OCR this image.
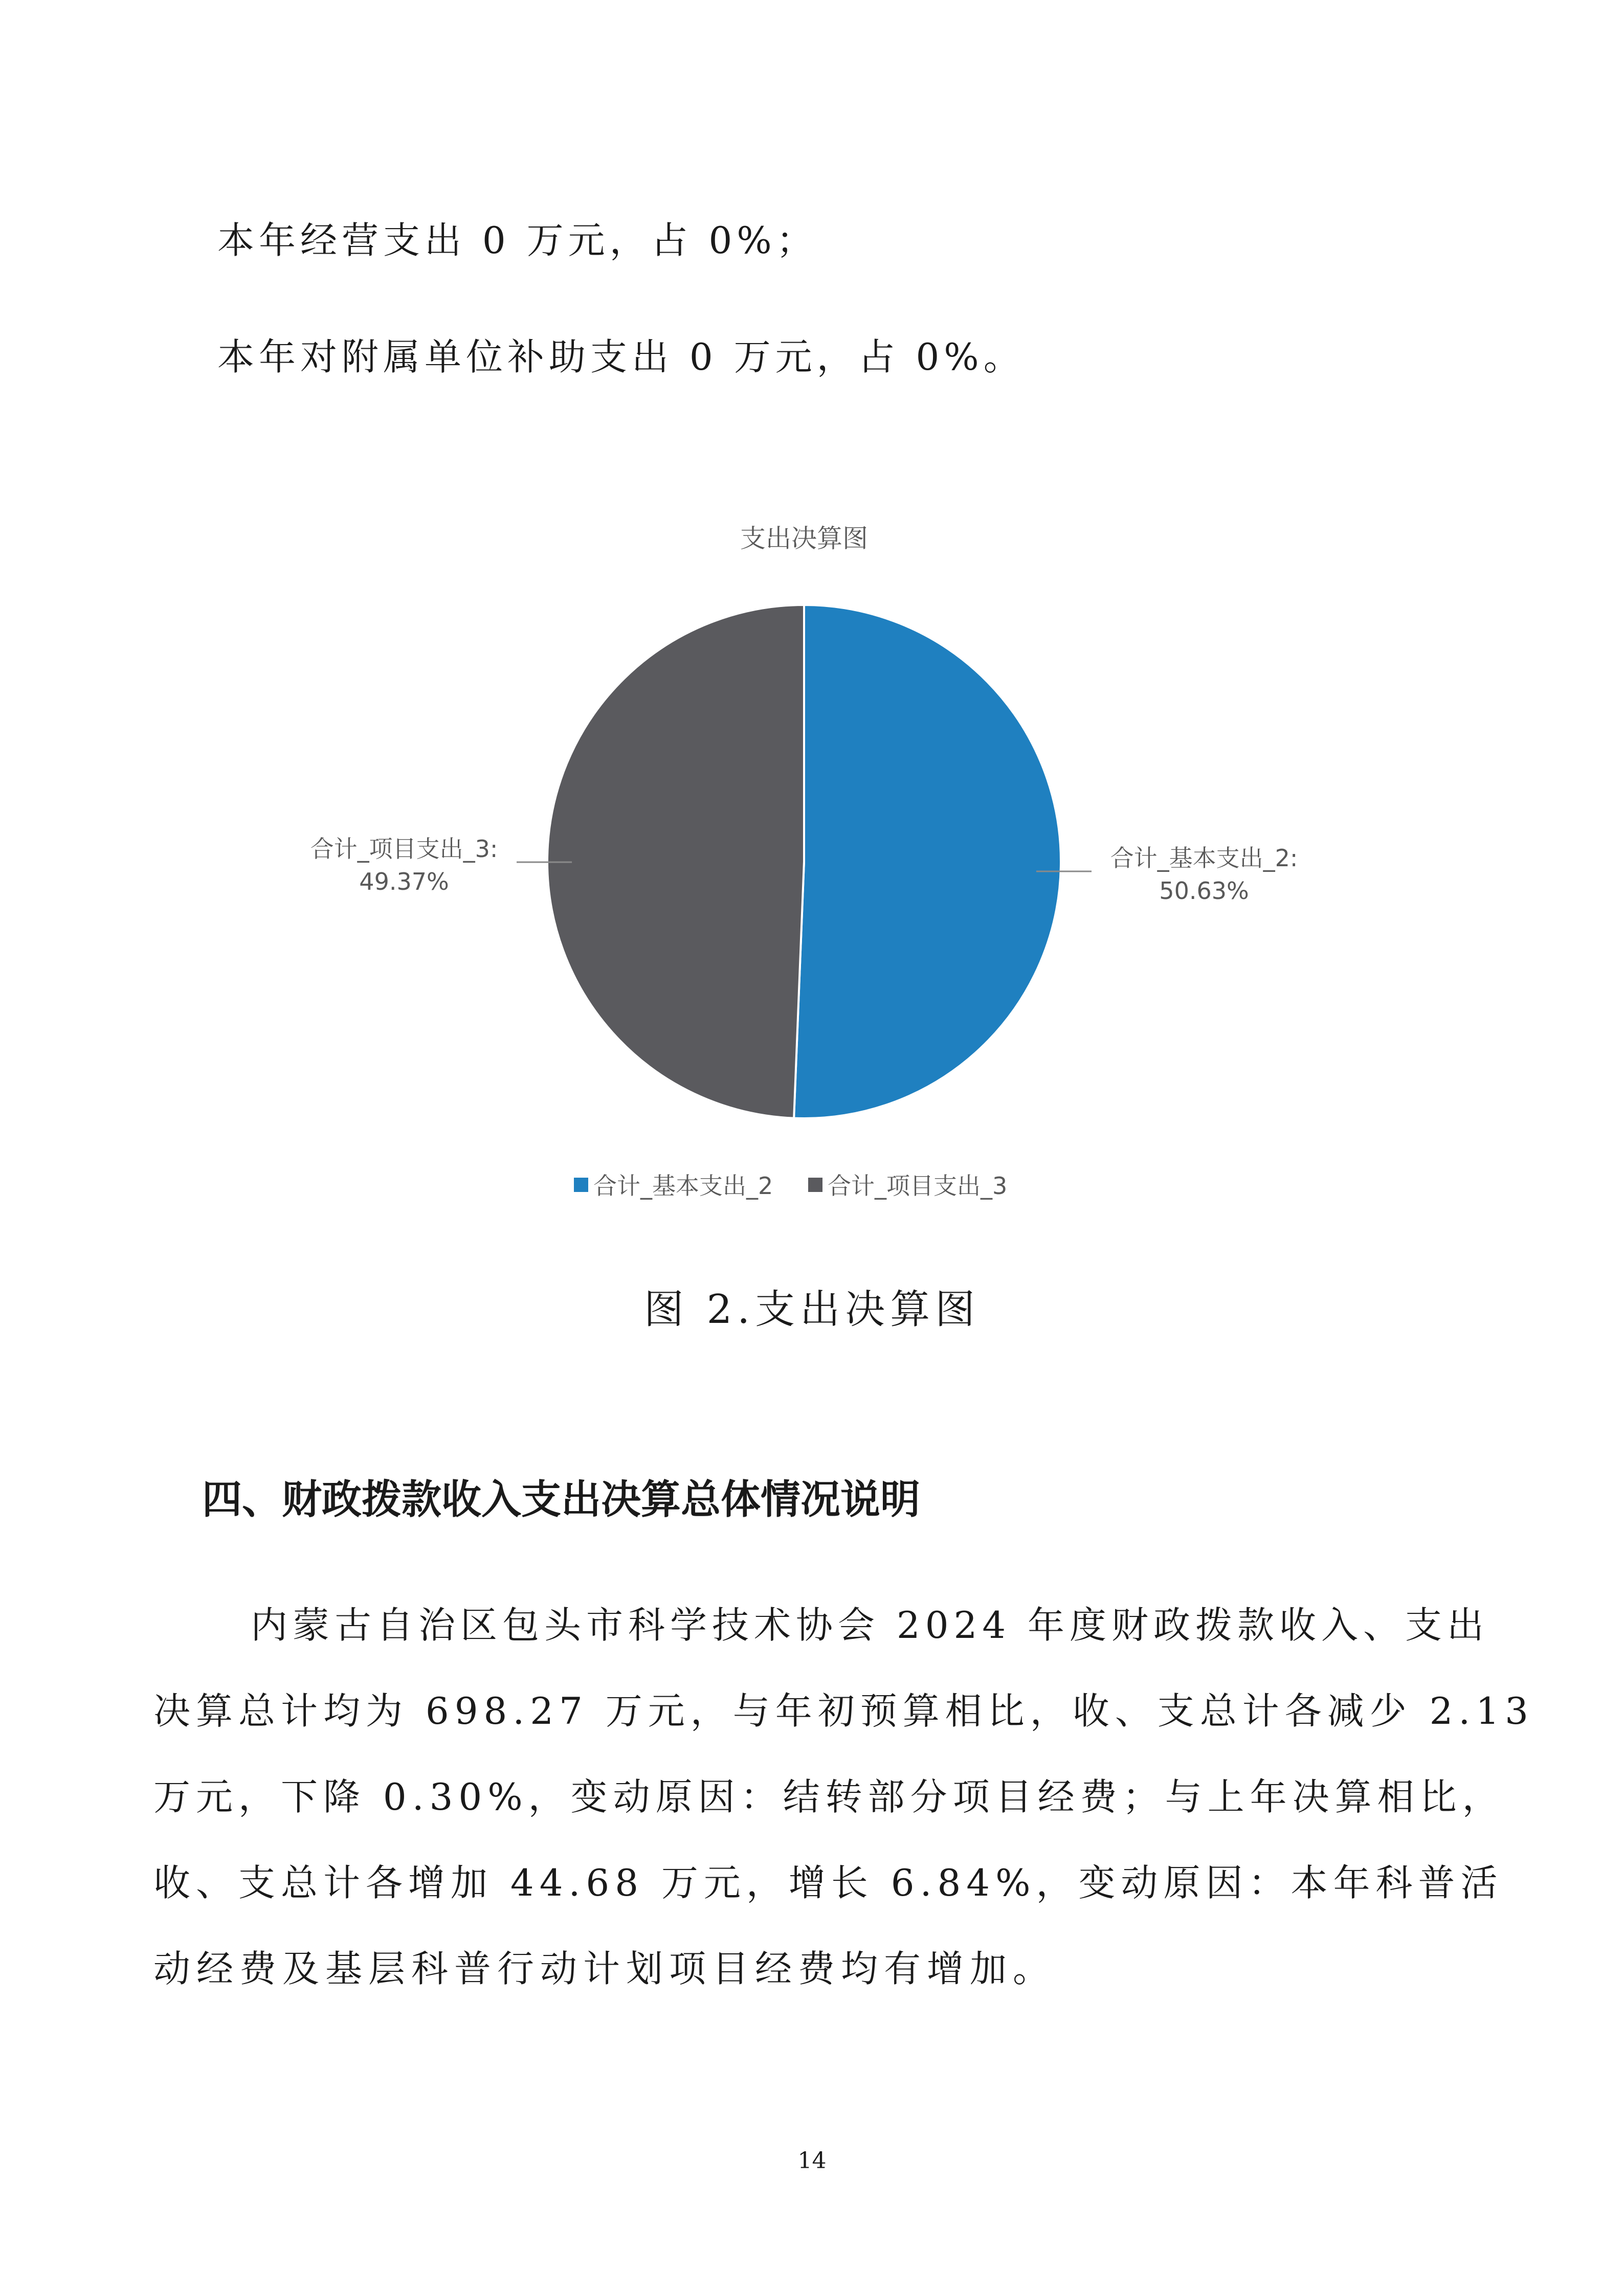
本年经营支出 0 万元，占 0%；
本年对附属单位补助支出 0 万元，占 0%。
支出决算图
合计_基本支出_2: 50.63%
合计_项目支出_3: 49.37%
合计_基本支出_2 合计_项目支出_3
图 2.支出决算图
四、财政拨款收入支出决算总体情况说明
内蒙古自治区包头市科学技术协会 2024 年度财政拨款收入、支出
决算总计均为 698.27 万元，与年初预算相比，收、支总计各减少 2.13
万元，下降 0.30%，变动原因：结转部分项目经费；与上年决算相比，
收、支总计各增加 44.68 万元，增长 6.84%，变动原因：本年科普活
动经费及基层科普行动计划项目经费均有增加。
14
